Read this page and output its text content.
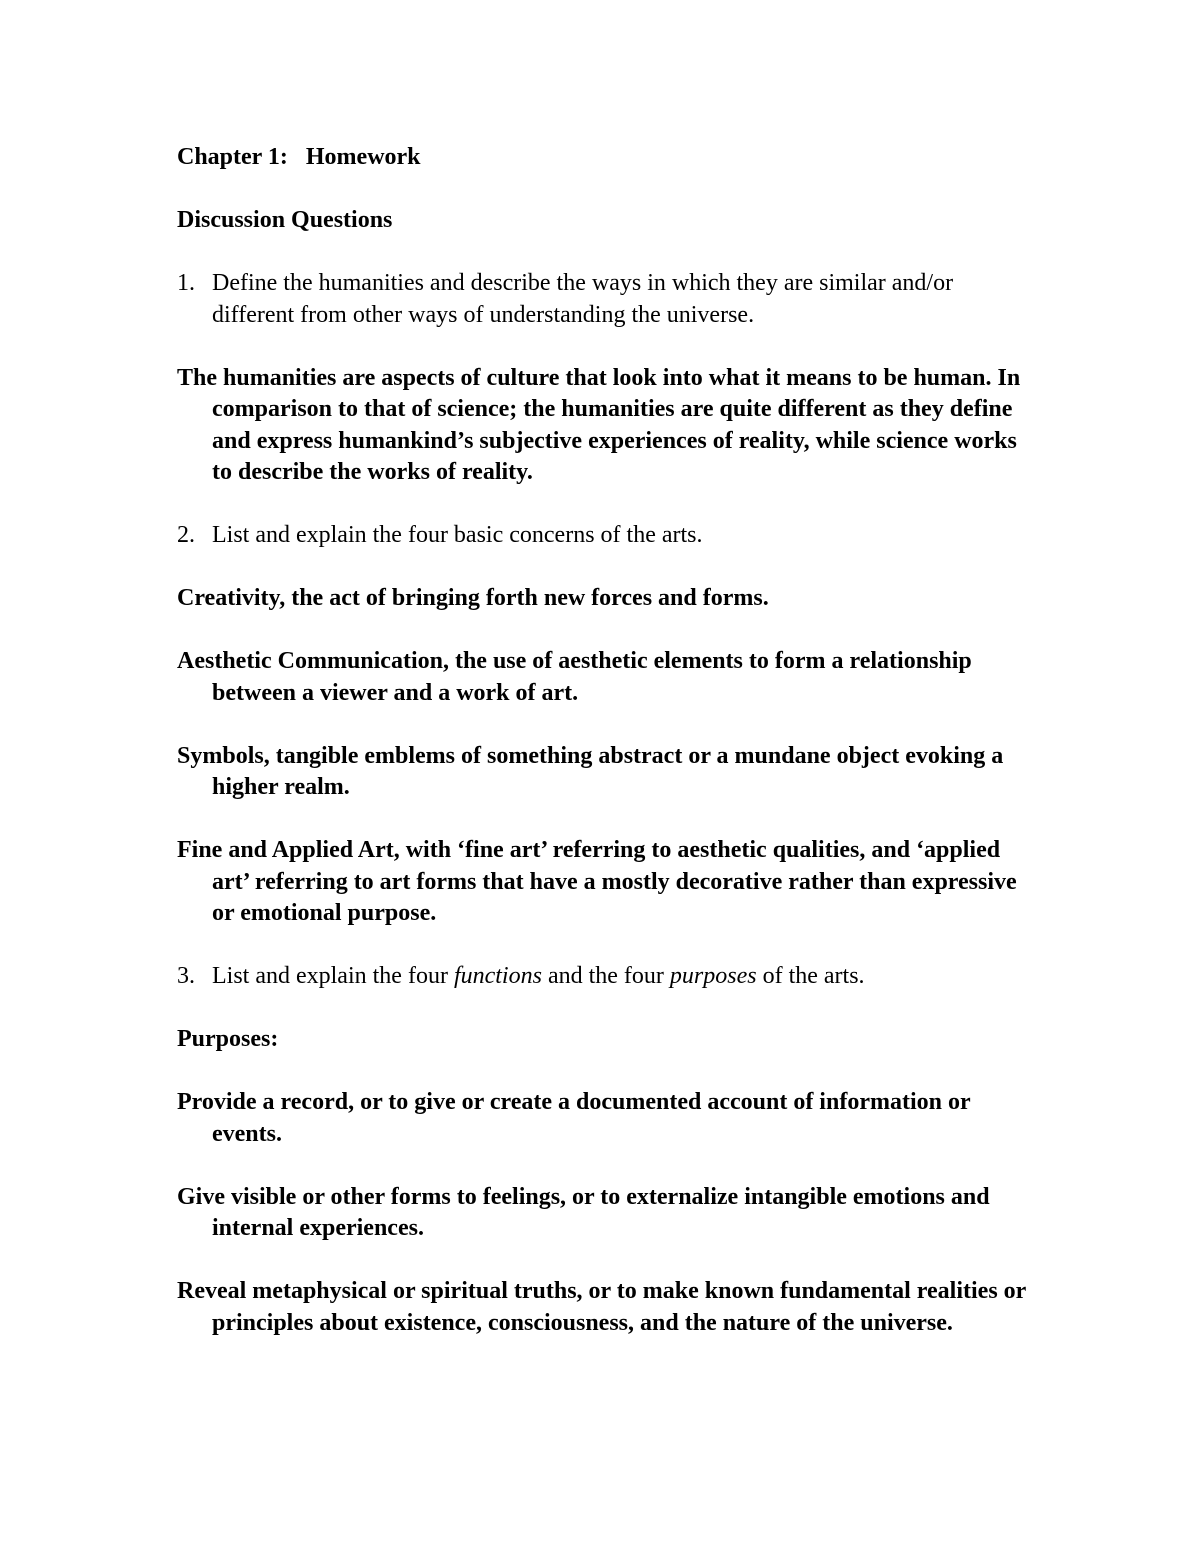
Chapter 1:   Homework
Discussion Questions
1. Define the humanities and describe the ways in which they are similar and/or different from other ways of understanding the universe.
The humanities are aspects of culture that look into what it means to be human. In comparison to that of science; the humanities are quite different as they define and express humankind’s subjective experiences of reality, while science works to describe the works of reality.
2. List and explain the four basic concerns of the arts.
Creativity, the act of bringing forth new forces and forms.
Aesthetic Communication, the use of aesthetic elements to form a relationship between a viewer and a work of art.
Symbols, tangible emblems of something abstract or a mundane object evoking a higher realm.
Fine and Applied Art, with ‘fine art’ referring to aesthetic qualities, and ‘applied art’ referring to art forms that have a mostly decorative rather than expressive or emotional purpose.
3. List and explain the four functions and the four purposes of the arts.
Purposes:
Provide a record, or to give or create a documented account of information or events.
Give visible or other forms to feelings, or to externalize intangible emotions and internal experiences.
Reveal metaphysical or spiritual truths, or to make known fundamental realities or principles about existence, consciousness, and the nature of the universe.
